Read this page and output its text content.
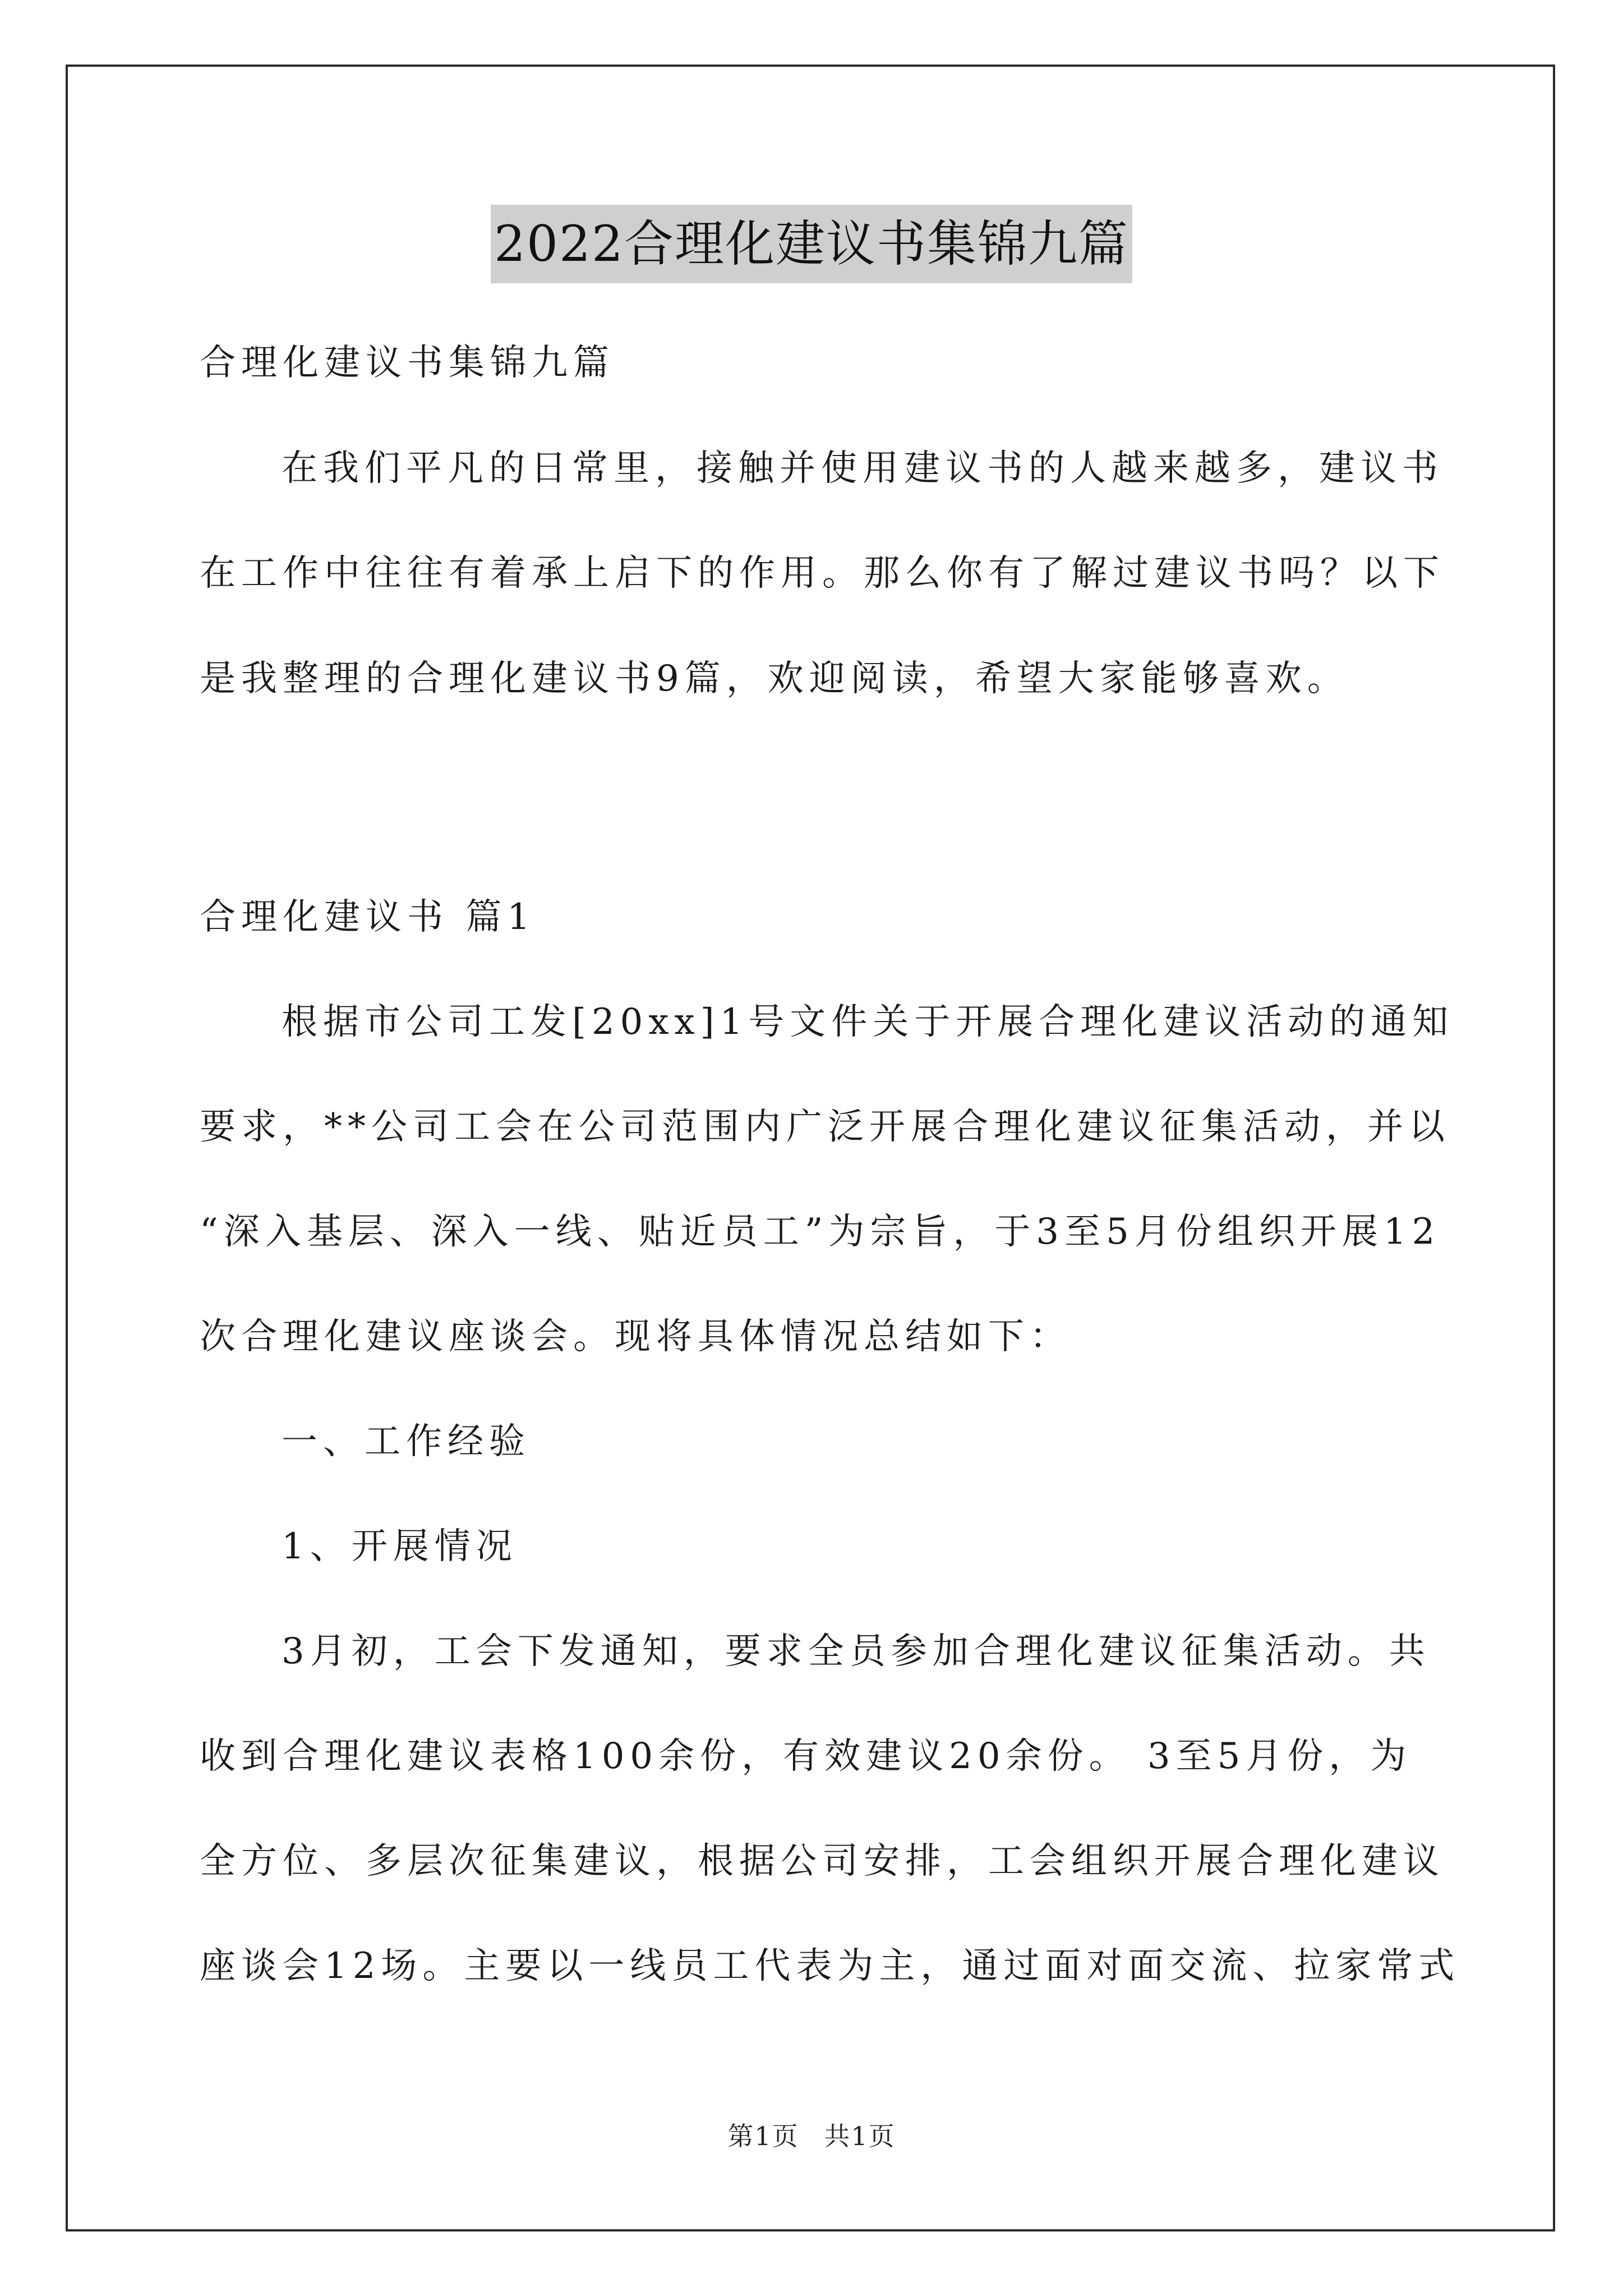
2022合理化建议书集锦九篇
合理化建议书集锦九篇
在我们平凡的日常里，接触并使用建议书的人越来越多，建议书
在工作中往往有着承上启下的作用。那么你有了解过建议书吗？以下
是我整理的合理化建议书9篇，欢迎阅读，希望大家能够喜欢。
合理化建议书 篇1
根据市公司工发[20xx]1号文件关于开展合理化建议活动的通知
要求，**公司工会在公司范围内广泛开展合理化建议征集活动，并以
“深入基层、深入一线、贴近员工”为宗旨，于3至5月份组织开展12
次合理化建议座谈会。现将具体情况总结如下：
一、工作经验
1、开展情况
3月初，工会下发通知，要求全员参加合理化建议征集活动。共
收到合理化建议表格100余份，有效建议20余份。 3至5月份，为
全方位、多层次征集建议，根据公司安排，工会组织开展合理化建议
座谈会12场。主要以一线员工代表为主，通过面对面交流、拉家常式
第1页 共1页
